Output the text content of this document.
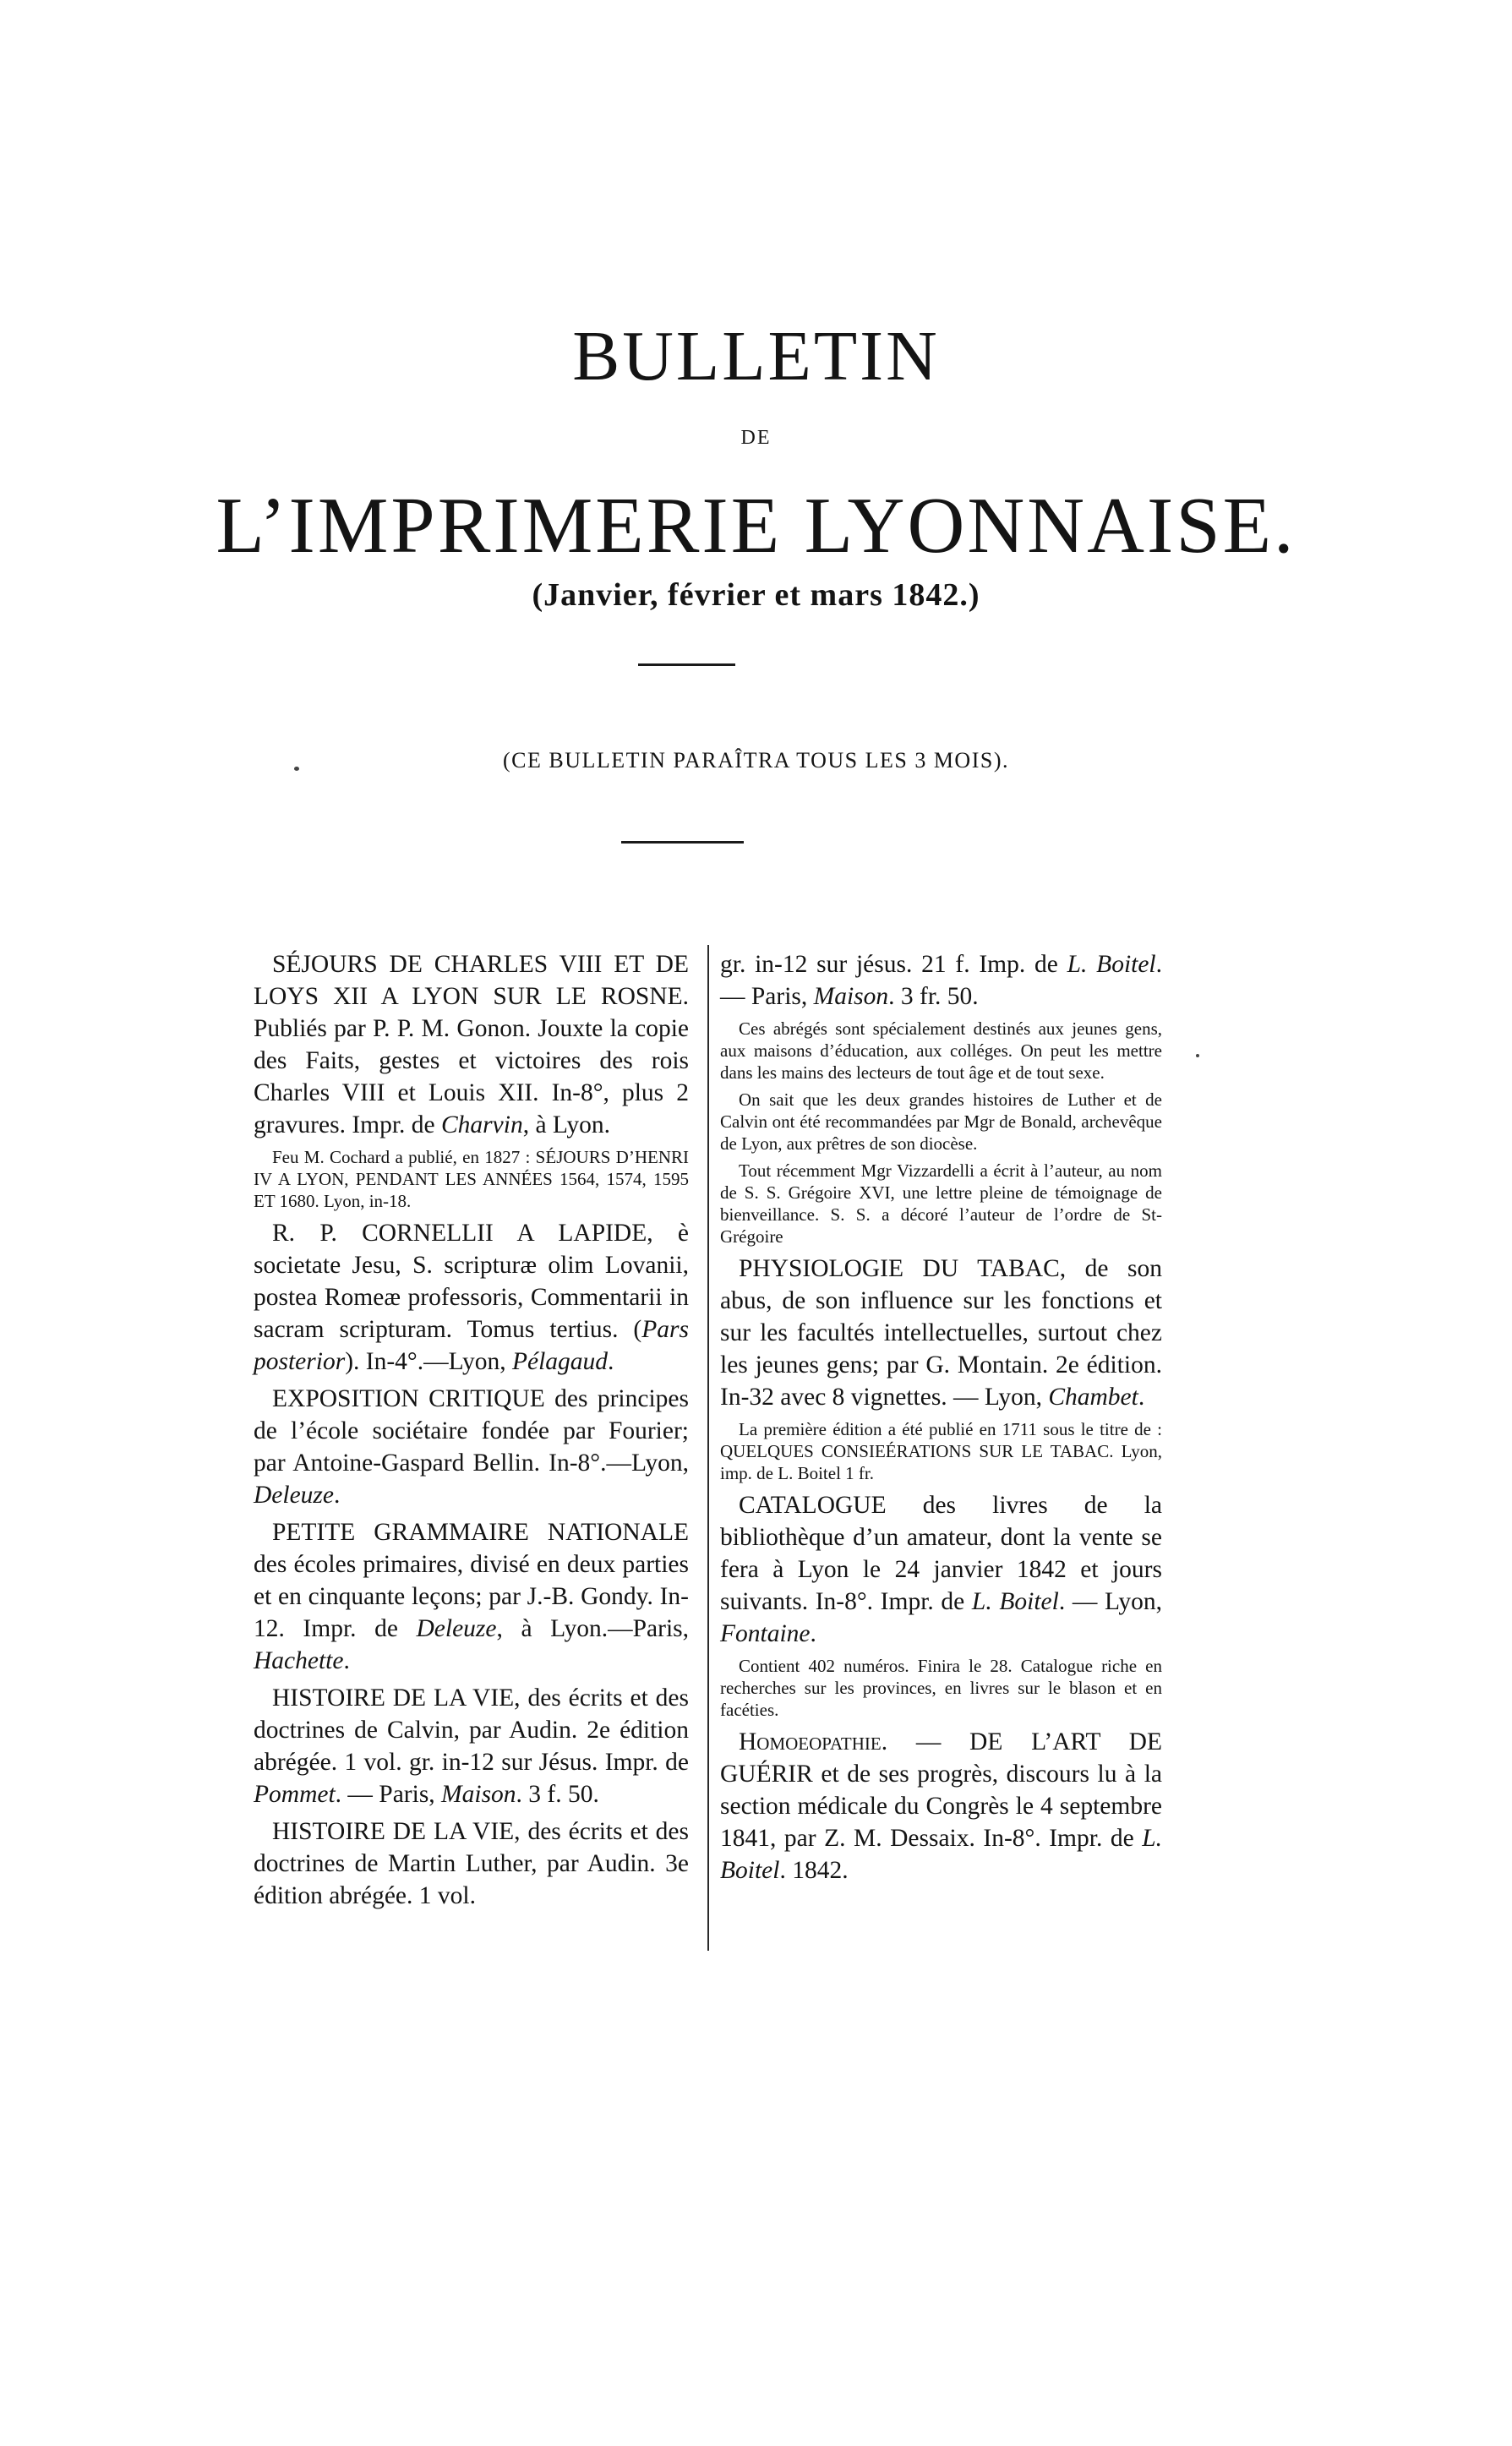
BULLETIN
DE
L’IMPRIMERIE LYONNAISE.
(Janvier, février et mars 1842.)
(CE BULLETIN PARAÎTRA TOUS LES 3 MOIS).

SÉJOURS DE CHARLES VIII ET DE LOYS XII A LYON SUR LE ROSNE. Publiés par P. P. M. Gonon. Jouxte la copie des Faits, gestes et victoires des rois Charles VIII et Louis XII. In-8°, plus 2 gravures. Impr. de Charvin, à Lyon.

Feu M. Cochard a publié, en 1827 : SÉJOURS D’HENRI IV A LYON, PENDANT LES ANNÉES 1564, 1574, 1595 ET 1680. Lyon, in-18.

R. P. CORNELLII A LAPIDE, è societate Jesu, S. scripturæ olim Lovanii, postea Romeæ professoris, Commentarii in sacram scripturam. Tomus tertius. (Pars posterior). In-4°.—Lyon, Pélagaud.

EXPOSITION CRITIQUE des principes de l’école sociétaire fondée par Fourier; par Antoine-Gaspard Bellin. In-8°.—Lyon, Deleuze.

PETITE GRAMMAIRE NATIONALE des écoles primaires, divisé en deux parties et en cinquante leçons; par J.-B. Gondy. In-12. Impr. de Deleuze, à Lyon.—Paris, Hachette.

HISTOIRE DE LA VIE, des écrits et des doctrines de Calvin, par Audin. 2e édition abrégée. 1 vol. gr. in-12 sur Jésus. Impr. de Pommet. — Paris, Maison. 3 f. 50.

HISTOIRE DE LA VIE, des écrits et des doctrines de Martin Luther, par Audin. 3e édition abrégée. 1 vol.

gr. in-12 sur jésus. 21 f. Imp. de L. Boitel. — Paris, Maison. 3 fr. 50.

Ces abrégés sont spécialement destinés aux jeunes gens, aux maisons d’éducation, aux colléges. On peut les mettre dans les mains des lecteurs de tout âge et de tout sexe.

On sait que les deux grandes histoires de Luther et de Calvin ont été recommandées par Mgr de Bonald, archevêque de Lyon, aux prêtres de son diocèse.

Tout récemment Mgr Vizzardelli a écrit à l’auteur, au nom de S. S. Grégoire XVI, une lettre pleine de témoignage de bienveillance. S. S. a décoré l’auteur de l’ordre de St-Grégoire

PHYSIOLOGIE DU TABAC, de son abus, de son influence sur les fonctions et sur les facultés intellectuelles, surtout chez les jeunes gens; par G. Montain. 2e édition. In-32 avec 8 vignettes. — Lyon, Chambet.

La première édition a été publié en 1711 sous le titre de : QUELQUES CONSIEÉRATIONS SUR LE TABAC. Lyon, imp. de L. Boitel 1 fr.

CATALOGUE des livres de la bibliothèque d’un amateur, dont la vente se fera à Lyon le 24 janvier 1842 et jours suivants. In-8°. Impr. de L. Boitel. — Lyon, Fontaine.

Contient 402 numéros. Finira le 28. Catalogue riche en recherches sur les provinces, en livres sur le blason et en facéties.

Homoeopathie. — DE L’ART DE GUÉRIR et de ses progrès, discours lu à la section médicale du Congrès le 4 septembre 1841, par Z. M. Dessaix. In-8°. Impr. de L. Boitel. 1842.
